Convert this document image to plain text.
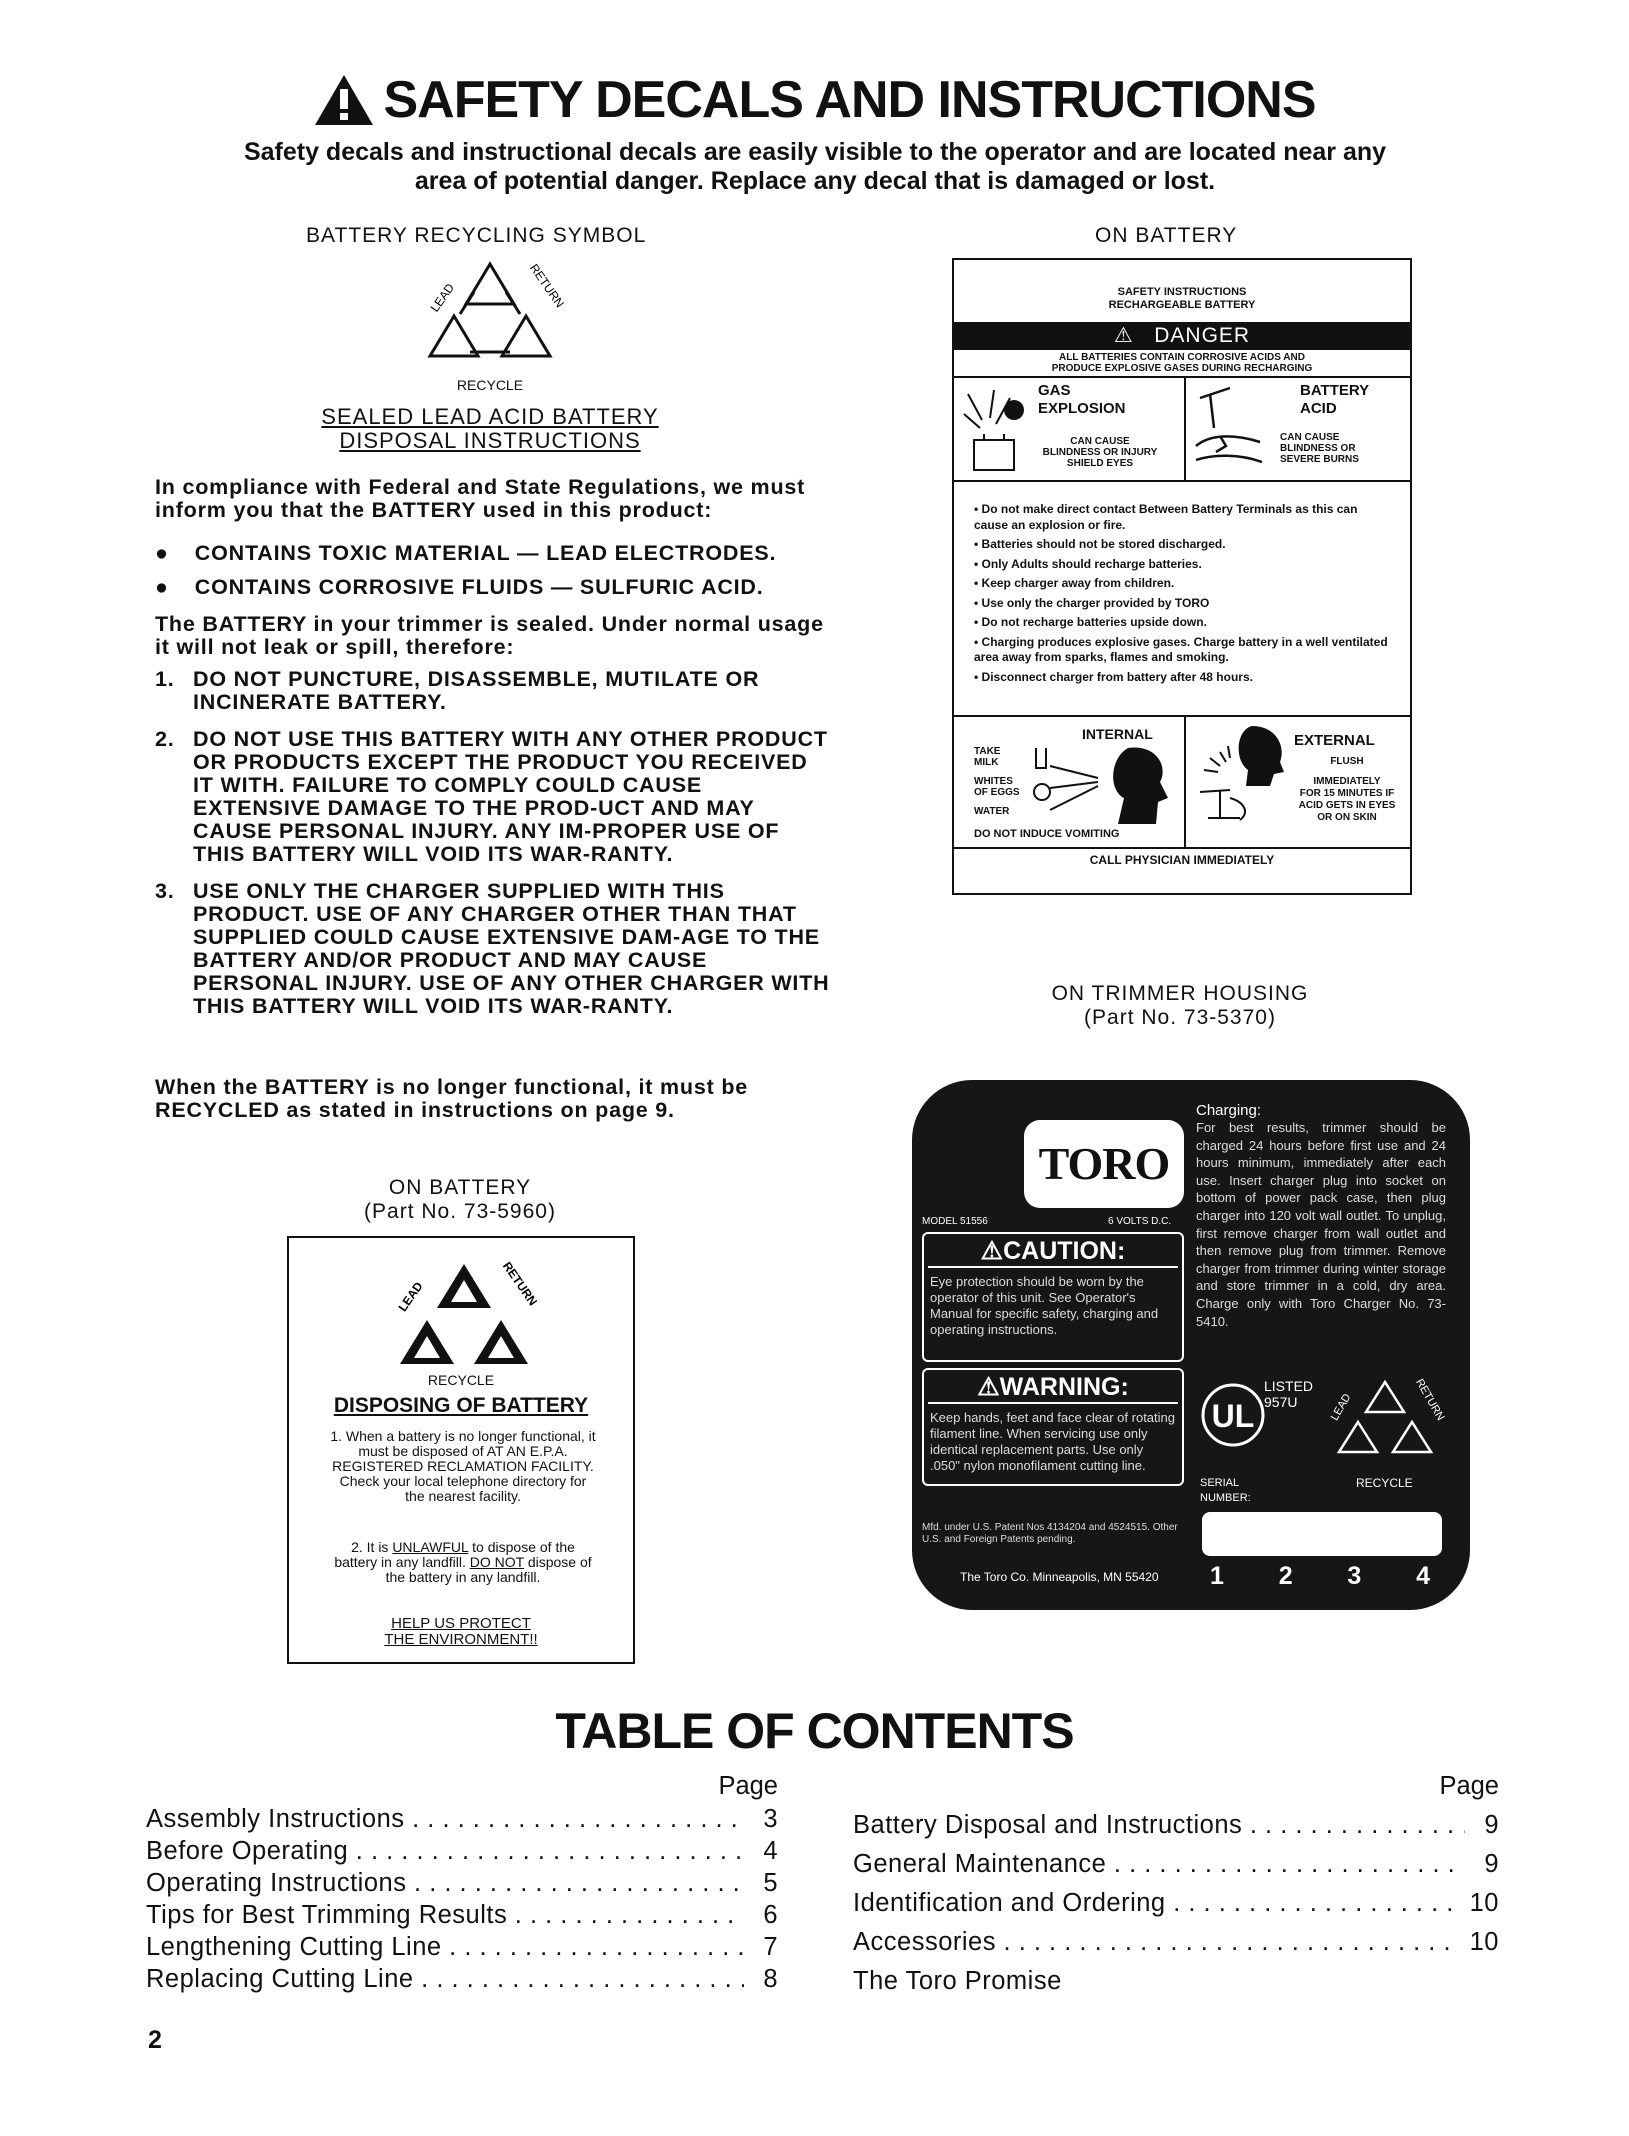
SAFETY DECALS AND INSTRUCTIONS
Safety decals and instructional decals are easily visible to the operator and are located near any area of potential danger. Replace any decal that is damaged or lost.
BATTERY RECYCLING SYMBOL
LEAD	RETURN
RECYCLE
SEALED LEAD ACID BATTERY
DISPOSAL INSTRUCTIONS
In compliance with Federal and State Regulations, we must inform you that the BATTERY used in this product:
● CONTAINS TOXIC MATERIAL — LEAD ELECTRODES.
● CONTAINS CORROSIVE FLUIDS — SULFURIC ACID.
The BATTERY in your trimmer is sealed. Under normal usage it will not leak or spill, therefore:
1. DO NOT PUNCTURE, DISASSEMBLE, MUTILATE OR INCINERATE BATTERY.
2. DO NOT USE THIS BATTERY WITH ANY OTHER PRODUCT OR PRODUCTS EXCEPT THE PRODUCT YOU RECEIVED IT WITH. FAILURE TO COMPLY COULD CAUSE EXTENSIVE DAMAGE TO THE PROD-UCT AND MAY CAUSE PERSONAL INJURY. ANY IM-PROPER USE OF THIS BATTERY WILL VOID ITS WAR-RANTY.
3. USE ONLY THE CHARGER SUPPLIED WITH THIS PRODUCT. USE OF ANY CHARGER OTHER THAN THAT SUPPLIED COULD CAUSE EXTENSIVE DAM-AGE TO THE BATTERY AND/OR PRODUCT AND MAY CAUSE PERSONAL INJURY. USE OF ANY OTHER CHARGER WITH THIS BATTERY WILL VOID ITS WAR-RANTY.
When the BATTERY is no longer functional, it must be RECYCLED as stated in instructions on page 9.
ON BATTERY
(Part No. 73-5960)
LEAD	RETURN
RECYCLE
DISPOSING OF BATTERY
1. When a battery is no longer functional, it must be disposed of AT AN E.P.A. REGISTERED RECLAMATION FACILITY. Check your local telephone directory for the nearest facility.
2. It is UNLAWFUL to dispose of the battery in any landfill. DO NOT dispose of the battery in any landfill.
HELP US PROTECT
THE ENVIRONMENT!!
ON BATTERY
SAFETY INSTRUCTIONS
RECHARGEABLE BATTERY
⚠ DANGER
ALL BATTERIES CONTAIN CORROSIVE ACIDS AND
PRODUCE EXPLOSIVE GASES DURING RECHARGING
GAS
EXPLOSION
CAN CAUSE
BLINDNESS OR INJURY
SHIELD EYES
BATTERY
ACID
CAN CAUSE
BLINDNESS OR
SEVERE BURNS
• Do not make direct contact Between Battery Terminals as this can cause an explosion or fire.
• Batteries should not be stored discharged.
• Only Adults should recharge batteries.
• Keep charger away from children.
• Use only the charger provided by TORO
• Do not recharge batteries upside down.
• Charging produces explosive gases. Charge battery in a well ventilated area away from sparks, flames and smoking.
• Disconnect charger from battery after 48 hours.
INTERNAL
TAKE
MILK
WHITES
OF EGGS
WATER
DO NOT INDUCE VOMITING
EXTERNAL
FLUSH
IMMEDIATELY
FOR 15 MINUTES IF
ACID GETS IN EYES
OR ON SKIN
CALL PHYSICIAN IMMEDIATELY
ON TRIMMER HOUSING
(Part No. 73-5370)
TORO
MODEL 51556	6 VOLTS D.C.
⚠CAUTION:
Eye protection should be worn by the operator of this unit. See Operator's Manual for specific safety, charging and operating instructions.
⚠WARNING:
Keep hands, feet and face clear of rotating filament line. When servicing use only identical replacement parts. Use only .050" nylon monofilament cutting line.
Mfd. under U.S. Patent Nos 4134204 and 4524515. Other U.S. and Foreign Patents pending.
The Toro Co. Minneapolis, MN 55420 1 2 3 4
Charging:
For best results, trimmer should be charged 24 hours before first use and 24 hours minimum, immediately after each use. Insert charger plug into socket on bottom of power pack case, then plug charger into 120 volt wall outlet. To unplug, first remove charger from wall outlet and then remove plug from trimmer. Remove charger from trimmer during winter storage and store trimmer in a cold, dry area. Charge only with Toro Charger No. 73-5410.
UL
LISTED
957U	LEAD	RETURN
RECYCLE
SERIAL
NUMBER:
TABLE OF CONTENTS
Page
Assembly Instructions . . .	3
Before Operating . . .	4
Operating Instructions . . .	5
Tips for Best Trimming Results . . .	6
Lengthening Cutting Line . . .	7
Replacing Cutting Line . . .	8
Page
Battery Disposal and Instructions . . .	9
General Maintenance . . .	9
Identification and Ordering . . .	10
Accessories . . .	10
The Toro Promise
2
